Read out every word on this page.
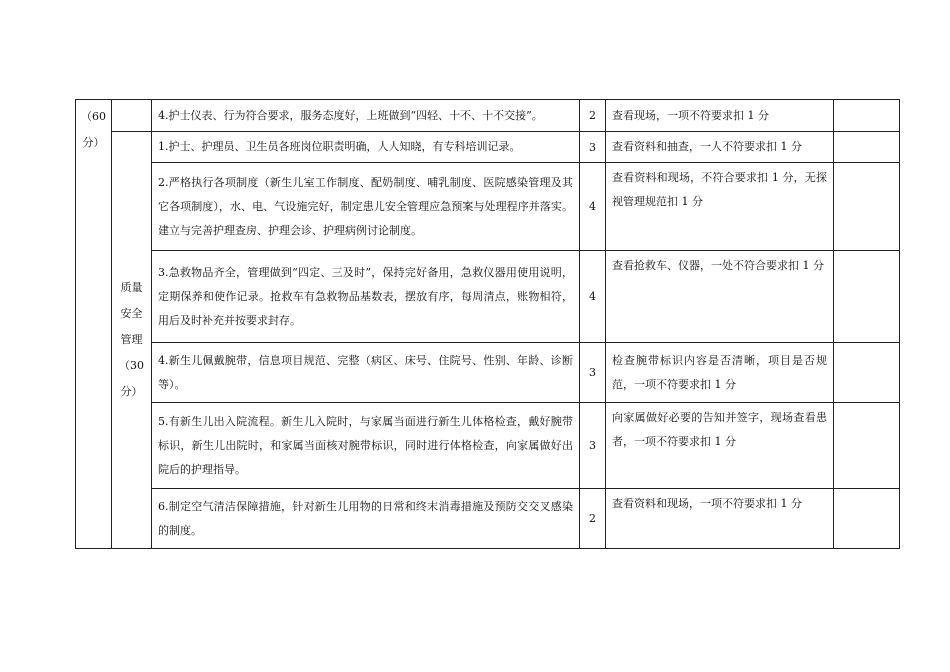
（60分）		4.护士仪表、行为符合要求，服务态度好，上班做到“四轻、十不、十不交接”。	2	查看现场，一项不符要求扣 1 分	
	质量安全管理（30分）	1.护士、护理员、卫生员各班岗位职责明确，人人知晓，有专科培训记录。	3	查看资料和抽查，一人不符要求扣 1 分	
		2.严格执行各项制度（新生儿室工作制度、配奶制度、哺乳制度、医院感染管理及其它各项制度），水、电、气设施完好，制定患儿安全管理应急预案与处理程序并落实。建立与完善护理查房、护理会诊、护理病例讨论制度。	4	查看资料和现场，不符合要求扣 1 分，无探视管理规范扣 1 分	
		3.急救物品齐全，管理做到“四定、三及时”，保持完好备用，急救仪器用使用说明，定期保养和使作记录。抢救车有急救物品基数表，摆放有序，每周清点，账物相符，用后及时补充并按要求封存。	4	查看抢救车、仪器，一处不符合要求扣 1 分	
		4.新生儿佩戴腕带，信息项目规范、完整（病区、床号、住院号、性别、年龄、诊断等）。	3	检查腕带标识内容是否清晰，项目是否规范，一项不符要求扣 1 分	
		5.有新生儿出入院流程。新生儿入院时，与家属当面进行新生儿体格检查，戴好腕带标识，新生儿出院时，和家属当面核对腕带标识，同时进行体格检查，向家属做好出院后的护理指导。	3	向家属做好必要的告知并签字，现场查看患者，一项不符要求扣 1 分	
		6.制定空气清洁保障措施，针对新生儿用物的日常和终末消毒措施及预防交交叉感染的制度。	2	查看资料和现场，一项不符要求扣 1 分	
